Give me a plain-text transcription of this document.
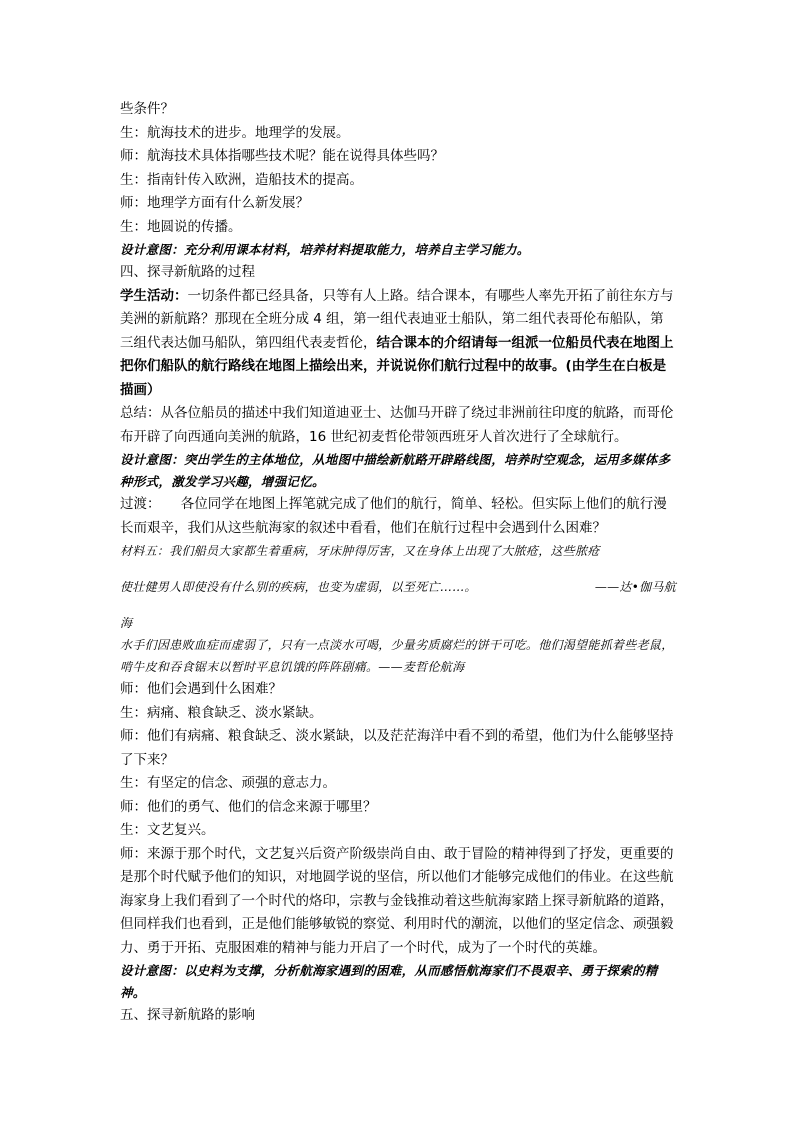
些条件？

生：航海技术的进步。地理学的发展。

师：航海技术具体指哪些技术呢？能在说得具体些吗？

生：指南针传入欧洲，造船技术的提高。

师：地理学方面有什么新发展？

生：地圆说的传播。

设计意图：充分利用课本材料，培养材料提取能力，培养自主学习能力。

四、探寻新航路的过程

学生活动：一切条件都已经具备，只等有人上路。结合课本，有哪些人率先开拓了前往东方与美洲的新航路？那现在全班分成 4 组，第一组代表迪亚士船队，第二组代表哥伦布船队，第三组代表达伽马船队，第四组代表麦哲伦，结合课本的介绍请每一组派一位船员代表在地图上把你们船队的航行路线在地图上描绘出来，并说说你们航行过程中的故事。(由学生在白板是描画）

总结：从各位船员的描述中我们知道迪亚士、达伽马开辟了绕过非洲前往印度的航路，而哥伦布开辟了向西通向美洲的航路，16 世纪初麦哲伦带领西班牙人首次进行了全球航行。

设计意图：突出学生的主体地位，从地图中描绘新航路开辟路线图，培养时空观念，运用多媒体多种形式，激发学习兴趣，增强记忆。

过渡：　　各位同学在地图上挥笔就完成了他们的航行，简单、轻松。但实际上他们的航行漫长而艰辛，我们从这些航海家的叙述中看看，他们在航行过程中会遇到什么困难？

材料五：我们船员大家都生着重病，牙床肿得厉害，又在身体上出现了大脓疮，这些脓疮

使壮健男人即使没有什么别的疾病，也变为虚弱，以至死亡……。	——达•伽马航

海

水手们因患败血症而虚弱了，只有一点淡水可喝，少量劣质腐烂的饼干可吃。他们渴望能抓着些老鼠，啃牛皮和吞食锯末以暂时平息饥饿的阵阵剧痛。——麦哲伦航海

师：他们会遇到什么困难？

生：病痛、粮食缺乏、淡水紧缺。

师：他们有病痛、粮食缺乏、淡水紧缺，以及茫茫海洋中看不到的希望，他们为什么能够坚持了下来？

生：有坚定的信念、顽强的意志力。

师：他们的勇气、他们的信念来源于哪里？

生：文艺复兴。

师：来源于那个时代，文艺复兴后资产阶级崇尚自由、敢于冒险的精神得到了抒发，更重要的是那个时代赋予他们的知识，对地圆学说的坚信，所以他们才能够完成他们的伟业。在这些航海家身上我们看到了一个时代的烙印，宗教与金钱推动着这些航海家踏上探寻新航路的道路，但同样我们也看到，正是他们能够敏锐的察觉、利用时代的潮流，以他们的坚定信念、顽强毅力、勇于开拓、克服困难的精神与能力开启了一个时代，成为了一个时代的英雄。

设计意图：以史料为支撑，分析航海家遇到的困难，从而感悟航海家们不畏艰辛、勇于探索的精神。

五、探寻新航路的影响
